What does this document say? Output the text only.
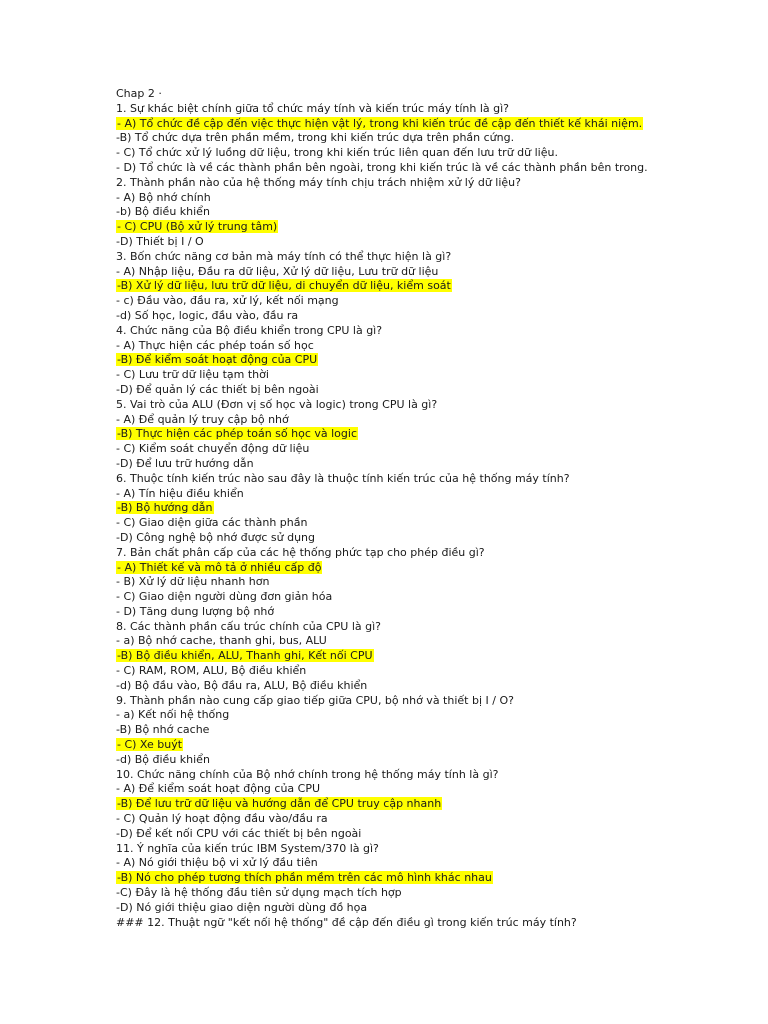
Chap 2 ·
1. Sự khác biệt chính giữa tổ chức máy tính và kiến trúc máy tính là gì?
- A) Tổ chức đề cập đến việc thực hiện vật lý, trong khi kiến trúc đề cập đến thiết kế khái niệm.
-B) Tổ chức dựa trên phần mềm, trong khi kiến trúc dựa trên phần cứng.
- C) Tổ chức xử lý luồng dữ liệu, trong khi kiến trúc liên quan đến lưu trữ dữ liệu.
- D) Tổ chức là về các thành phần bên ngoài, trong khi kiến trúc là về các thành phần bên trong.
2. Thành phần nào của hệ thống máy tính chịu trách nhiệm xử lý dữ liệu?
- A) Bộ nhớ chính
-b) Bộ điều khiển
- C) CPU (Bộ xử lý trung tâm)
-D) Thiết bị I / O
3. Bốn chức năng cơ bản mà máy tính có thể thực hiện là gì?
- A) Nhập liệu, Đầu ra dữ liệu, Xử lý dữ liệu, Lưu trữ dữ liệu
-B) Xử lý dữ liệu, lưu trữ dữ liệu, di chuyển dữ liệu, kiểm soát
- c) Đầu vào, đầu ra, xử lý, kết nối mạng
-d) Số học, logic, đầu vào, đầu ra
4. Chức năng của Bộ điều khiển trong CPU là gì?
- A) Thực hiện các phép toán số học
-B) Để kiểm soát hoạt động của CPU
- C) Lưu trữ dữ liệu tạm thời
-D) Để quản lý các thiết bị bên ngoài
5. Vai trò của ALU (Đơn vị số học và logic) trong CPU là gì?
- A) Để quản lý truy cập bộ nhớ
-B) Thực hiện các phép toán số học và logic
- C) Kiểm soát chuyển động dữ liệu
-D) Để lưu trữ hướng dẫn
6. Thuộc tính kiến trúc nào sau đây là thuộc tính kiến trúc của hệ thống máy tính?
- A) Tín hiệu điều khiển
-B) Bộ hướng dẫn
- C) Giao diện giữa các thành phần
-D) Công nghệ bộ nhớ được sử dụng
7. Bản chất phân cấp của các hệ thống phức tạp cho phép điều gì?
- A) Thiết kế và mô tả ở nhiều cấp độ
- B) Xử lý dữ liệu nhanh hơn
- C) Giao diện người dùng đơn giản hóa
- D) Tăng dung lượng bộ nhớ
8. Các thành phần cấu trúc chính của CPU là gì?
- a) Bộ nhớ cache, thanh ghi, bus, ALU
-B) Bộ điều khiển, ALU, Thanh ghi, Kết nối CPU
- C) RAM, ROM, ALU, Bộ điều khiển
-d) Bộ đầu vào, Bộ đầu ra, ALU, Bộ điều khiển
9. Thành phần nào cung cấp giao tiếp giữa CPU, bộ nhớ và thiết bị I / O?
- a) Kết nối hệ thống
-B) Bộ nhớ cache
- C) Xe buýt
-d) Bộ điều khiển
10. Chức năng chính của Bộ nhớ chính trong hệ thống máy tính là gì?
- A) Để kiểm soát hoạt động của CPU
-B) Để lưu trữ dữ liệu và hướng dẫn để CPU truy cập nhanh
- C) Quản lý hoạt động đầu vào/đầu ra
-D) Để kết nối CPU với các thiết bị bên ngoài
11. Ý nghĩa của kiến trúc IBM System/370 là gì?
- A) Nó giới thiệu bộ vi xử lý đầu tiên
-B) Nó cho phép tương thích phần mềm trên các mô hình khác nhau
-C) Đây là hệ thống đầu tiên sử dụng mạch tích hợp
-D) Nó giới thiệu giao diện người dùng đồ họa
### 12. Thuật ngữ "kết nối hệ thống" đề cập đến điều gì trong kiến trúc máy tính?
